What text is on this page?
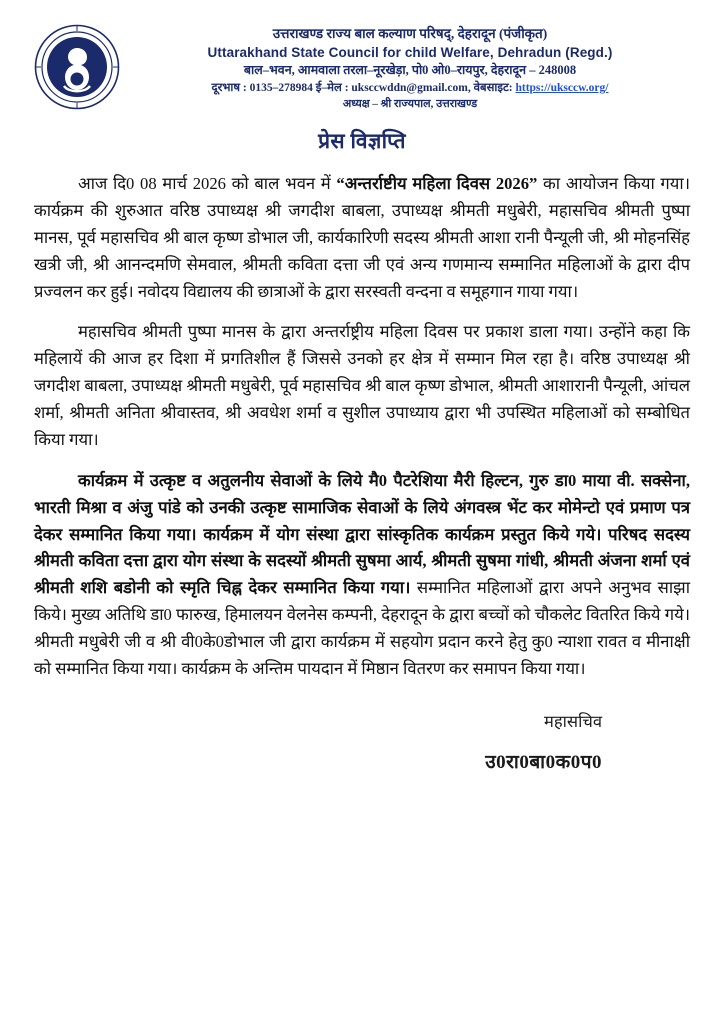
उत्तराखण्ड राज्य बाल कल्याण परिषद्, देहरादून (पंजीकृत)
Uttarakhand State Council for child Welfare, Dehradun (Regd.)
बाल–भवन, आमवाला तरला–नूरखेड़ा, पो0 ओ0–रायपुर, देहरादून – 248008
दूरभाष : 0135–278984 ई–मेल : uksccwddn@gmail.com, वेबसाइट: https://uksccw.org/
अध्यक्ष – श्री राज्यपाल, उत्तराखण्ड
प्रेस विज्ञप्ति

आज दि0 08 मार्च 2026 को बाल भवन में “अन्तर्राष्टीय महिला दिवस 2026” का आयोजन किया गया। कार्यक्रम की शुरुआत वरिष्ठ उपाध्यक्ष श्री जगदीश बाबला, उपाध्यक्ष श्रीमती मधुबेरी, महासचिव श्रीमती पुष्पा मानस, पूर्व महासचिव श्री बाल कृष्ण डोभाल जी, कार्यकारिणी सदस्य श्रीमती आशा रानी पैन्यूली जी, श्री मोहनसिंह खत्री जी, श्री आनन्दमणि सेमवाल, श्रीमती कविता दत्ता जी एवं अन्य गणमान्य सम्मानित महिलाओं के द्वारा दीप प्रज्वलन कर हुई। नवोदय विद्यालय की छात्राओं के द्वारा सरस्वती वन्दना व समूहगान गाया गया।

महासचिव श्रीमती पुष्पा मानस के द्वारा अन्तर्राष्ट्रीय महिला दिवस पर प्रकाश डाला गया। उन्होंने कहा कि महिलायें की आज हर दिशा में प्रगतिशील हैं जिससे उनको हर क्षेत्र में सम्मान मिल रहा है। वरिष्ठ उपाध्यक्ष श्री जगदीश बाबला, उपाध्यक्ष श्रीमती मधुबेरी, पूर्व महासचिव श्री बाल कृष्ण डोभाल, श्रीमती आशारानी पैन्यूली, आंचल शर्मा, श्रीमती अनिता श्रीवास्तव, श्री अवधेश शर्मा व सुशील उपाध्याय द्वारा भी उपस्थित महिलाओं को सम्बोधित किया गया।

कार्यक्रम में उत्कृष्ट व अतुलनीय सेवाओं के लिये मै0 पैटरेशिया मैरी हिल्टन, गुरु डा0 माया वी. सक्सेना, भारती मिश्रा व अंजु पांडे को उनकी उत्कृष्ट सामाजिक सेवाओं के लिये अंगवस्त्र भेंट कर मोमेन्टो एवं प्रमाण पत्र देकर सम्मानित किया गया। कार्यक्रम में योग संस्था द्वारा सांस्कृतिक कार्यक्रम प्रस्तुत किये गये। परिषद सदस्य श्रीमती कविता दत्ता द्वारा योग संस्था के सदस्यों श्रीमती सुषमा आर्य, श्रीमती सुषमा गांधी, श्रीमती अंजना शर्मा एवं श्रीमती शशि बडोनी को स्मृति चिह्न देकर सम्मानित किया गया। सम्मानित महिलाओं द्वारा अपने अनुभव साझा किये। मुख्य अतिथि डा0 फारुख, हिमालयन वेलनेस कम्पनी, देहरादून के द्वारा बच्चों को चौकलेट वितरित किये गये। श्रीमती मधुबेरी जी व श्री वी0के0डोभाल जी द्वारा कार्यक्रम में सहयोग प्रदान करने हेतु कु0 न्याशा रावत व मीनाक्षी को सम्मानित किया गया। कार्यक्रम के अन्तिम पायदान में मिष्ठान वितरण कर समापन किया गया।

महासचिव
उ0रा0बा0क0प0
